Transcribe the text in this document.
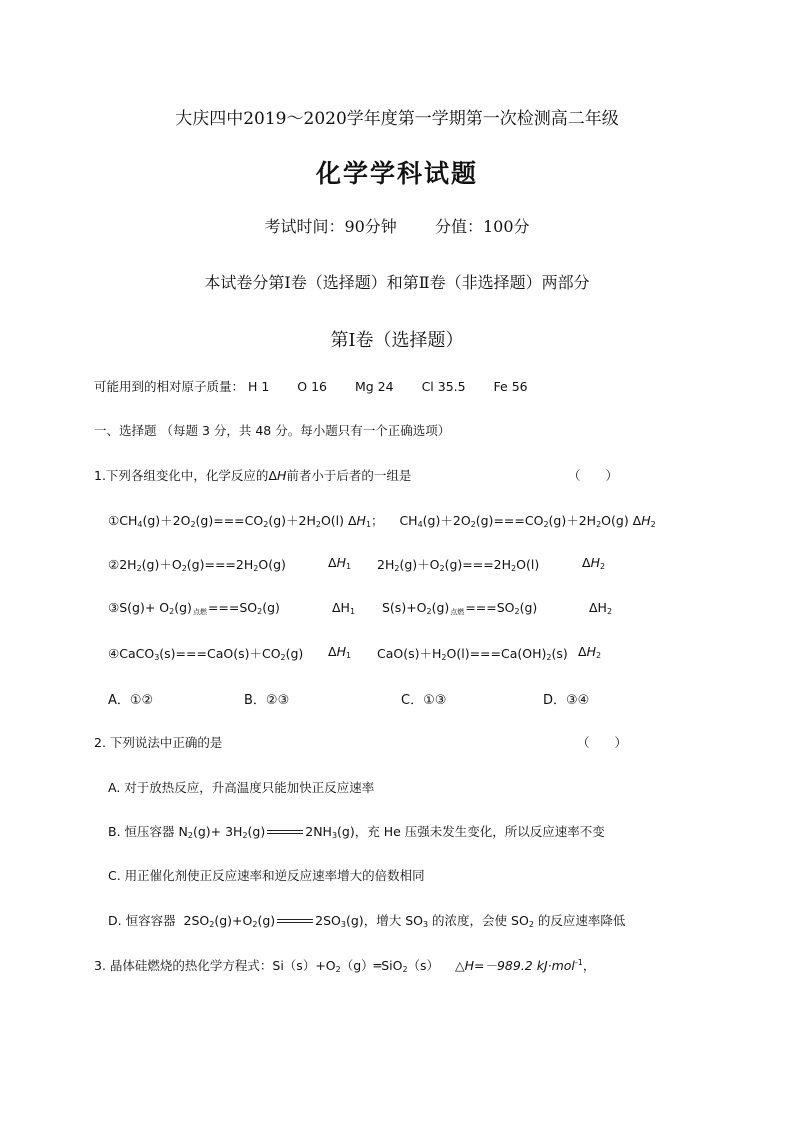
大庆四中2019～2020学年度第一学期第一次检测高二年级
化学学科试题
考试时间：90分钟 分值：100分
本试卷分第Ⅰ卷（选择题）和第Ⅱ卷（非选择题）两部分
第Ⅰ卷（选择题）
可能用到的相对原子质量： H 1 O 16 Mg 24 Cl 35.5 Fe 56
一、选择题 （每题 3 分，共 48 分。每小题只有一个正确选项）
1.下列各组变化中，化学反应的ΔH前者小于后者的一组是	（　　）
$①CH_4(g)+2O_2(g)===CO_2(g)+2H_2O(l)$ $\Delta H_1$；    $CH_4(g)+2O_2(g)===CO_2(g)+2H_2O(g)$ $\Delta H_2$
$②2H_2(g)+O_2(g)===2H_2O(g)$	$\Delta H_1$ $2H_2(g)+O_2(g)===2H_2O(l)$	$\Delta H_2$
③S(g)+ $O_2(g)$点燃$===SO_2(g)$	$\Delta H_1$ $S(s)+O_2(g)$点燃$===SO_2(g)$	$\Delta H_2$
$④CaCO_3(s)===CaO(s)+CO_2(g)$ $\Delta H_1$ $CaO(s)+H_2O(l)===Ca(OH)_2(s)$ $\Delta H_2$
A．①②	B．②③	C．①③	D．③④
2. 下列说法中正确的是	（　　）
A. 对于放热反应，升高温度只能加快正反应速率
B. 恒压容器 $N_2(g)+ 3H_2(g)$	$2NH_3(g)$，充 He 压强未发生变化，所以反应速率不变
C. 用正催化剂使正反应速率和逆反应速率增大的倍数相同
D. 恒容容器  $2SO_2(g)+O_2(g)$	$2SO_3(g)$，增大 $SO_3$ 的浓度，会使 $SO_2$ 的反应速率降低
3. 晶体硅燃烧的热化学方程式：$Si(s)+O_2(g)═SiO_2(s)$ △H=－989.2 kJ·mol$^{-1}$，
